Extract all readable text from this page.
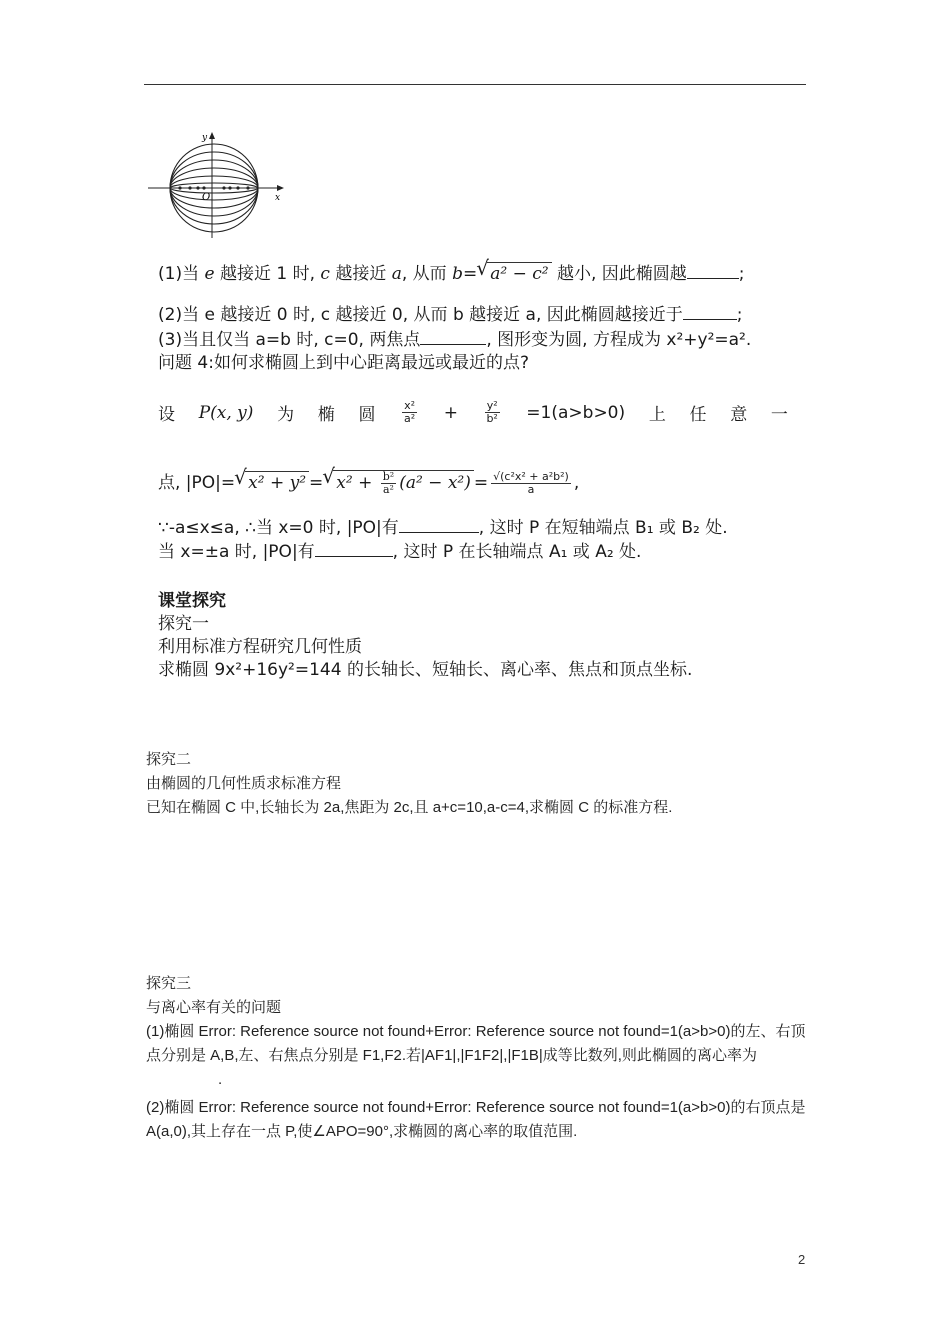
y
x
O
(1)当 e 越接近 1 时, c 越接近 a, 从而 b= √ a² − c² 越小, 因此椭圆越	;
(2)当 e 越接近 0 时, c 越接近 0, 从而 b 越接近 a, 因此椭圆越接近于	;
(3)当且仅当 a=b 时, c=0, 两焦点	, 图形变为圆, 方程成为 x²+y²=a².
问题 4:如何求椭圆上到中心距离最远或最近的点?
设 P(x, y) 为 椭 圆 $\frac{\text{x²}}{\text{a²}} + \frac{\text{y²}}{\text{b²}} =1(a>b>0)$ 上 任 意 一
点, |PO|= √ x² + y² = √ $x^2 + \frac{\text{b²}}{\text{a²}} (a^2 - x^2) = \frac{\text{√(c²x² + a²b²)}}{a}$ ,
∵-a≤x≤a, ∴当 x=0 时, |PO|有	, 这时 P 在短轴端点 B₁ 或 B₂ 处.
当 x=±a 时, |PO|有	, 这时 P 在长轴端点 A₁ 或 A₂ 处.
课堂探究
探究一
利用标准方程研究几何性质
求椭圆 9x²+16y²=144 的长轴长、短轴长、离心率、焦点和顶点坐标.
探究二
由椭圆的几何性质求标准方程
已知在椭圆 C 中,长轴长为 2a,焦距为 2c,且 a+c=10,a-c=4,求椭圆 C 的标准方程.
探究三
与离心率有关的问题
(1)椭圆 Error: Reference source not found+Error: Reference source not found=1(a>b>0)的左、右顶点分别是 A,B,左、右焦点分别是 F1,F2.若|AF1|,|F1F2|,|F1B|成等比数列,则此椭圆的离心率为.
(2)椭圆 Error: Reference source not found+Error: Reference source not found=1(a>b>0)的右顶点是 A(a,0),其上存在一点 P,使∠APO=90°,求椭圆的离心率的取值范围.
2
